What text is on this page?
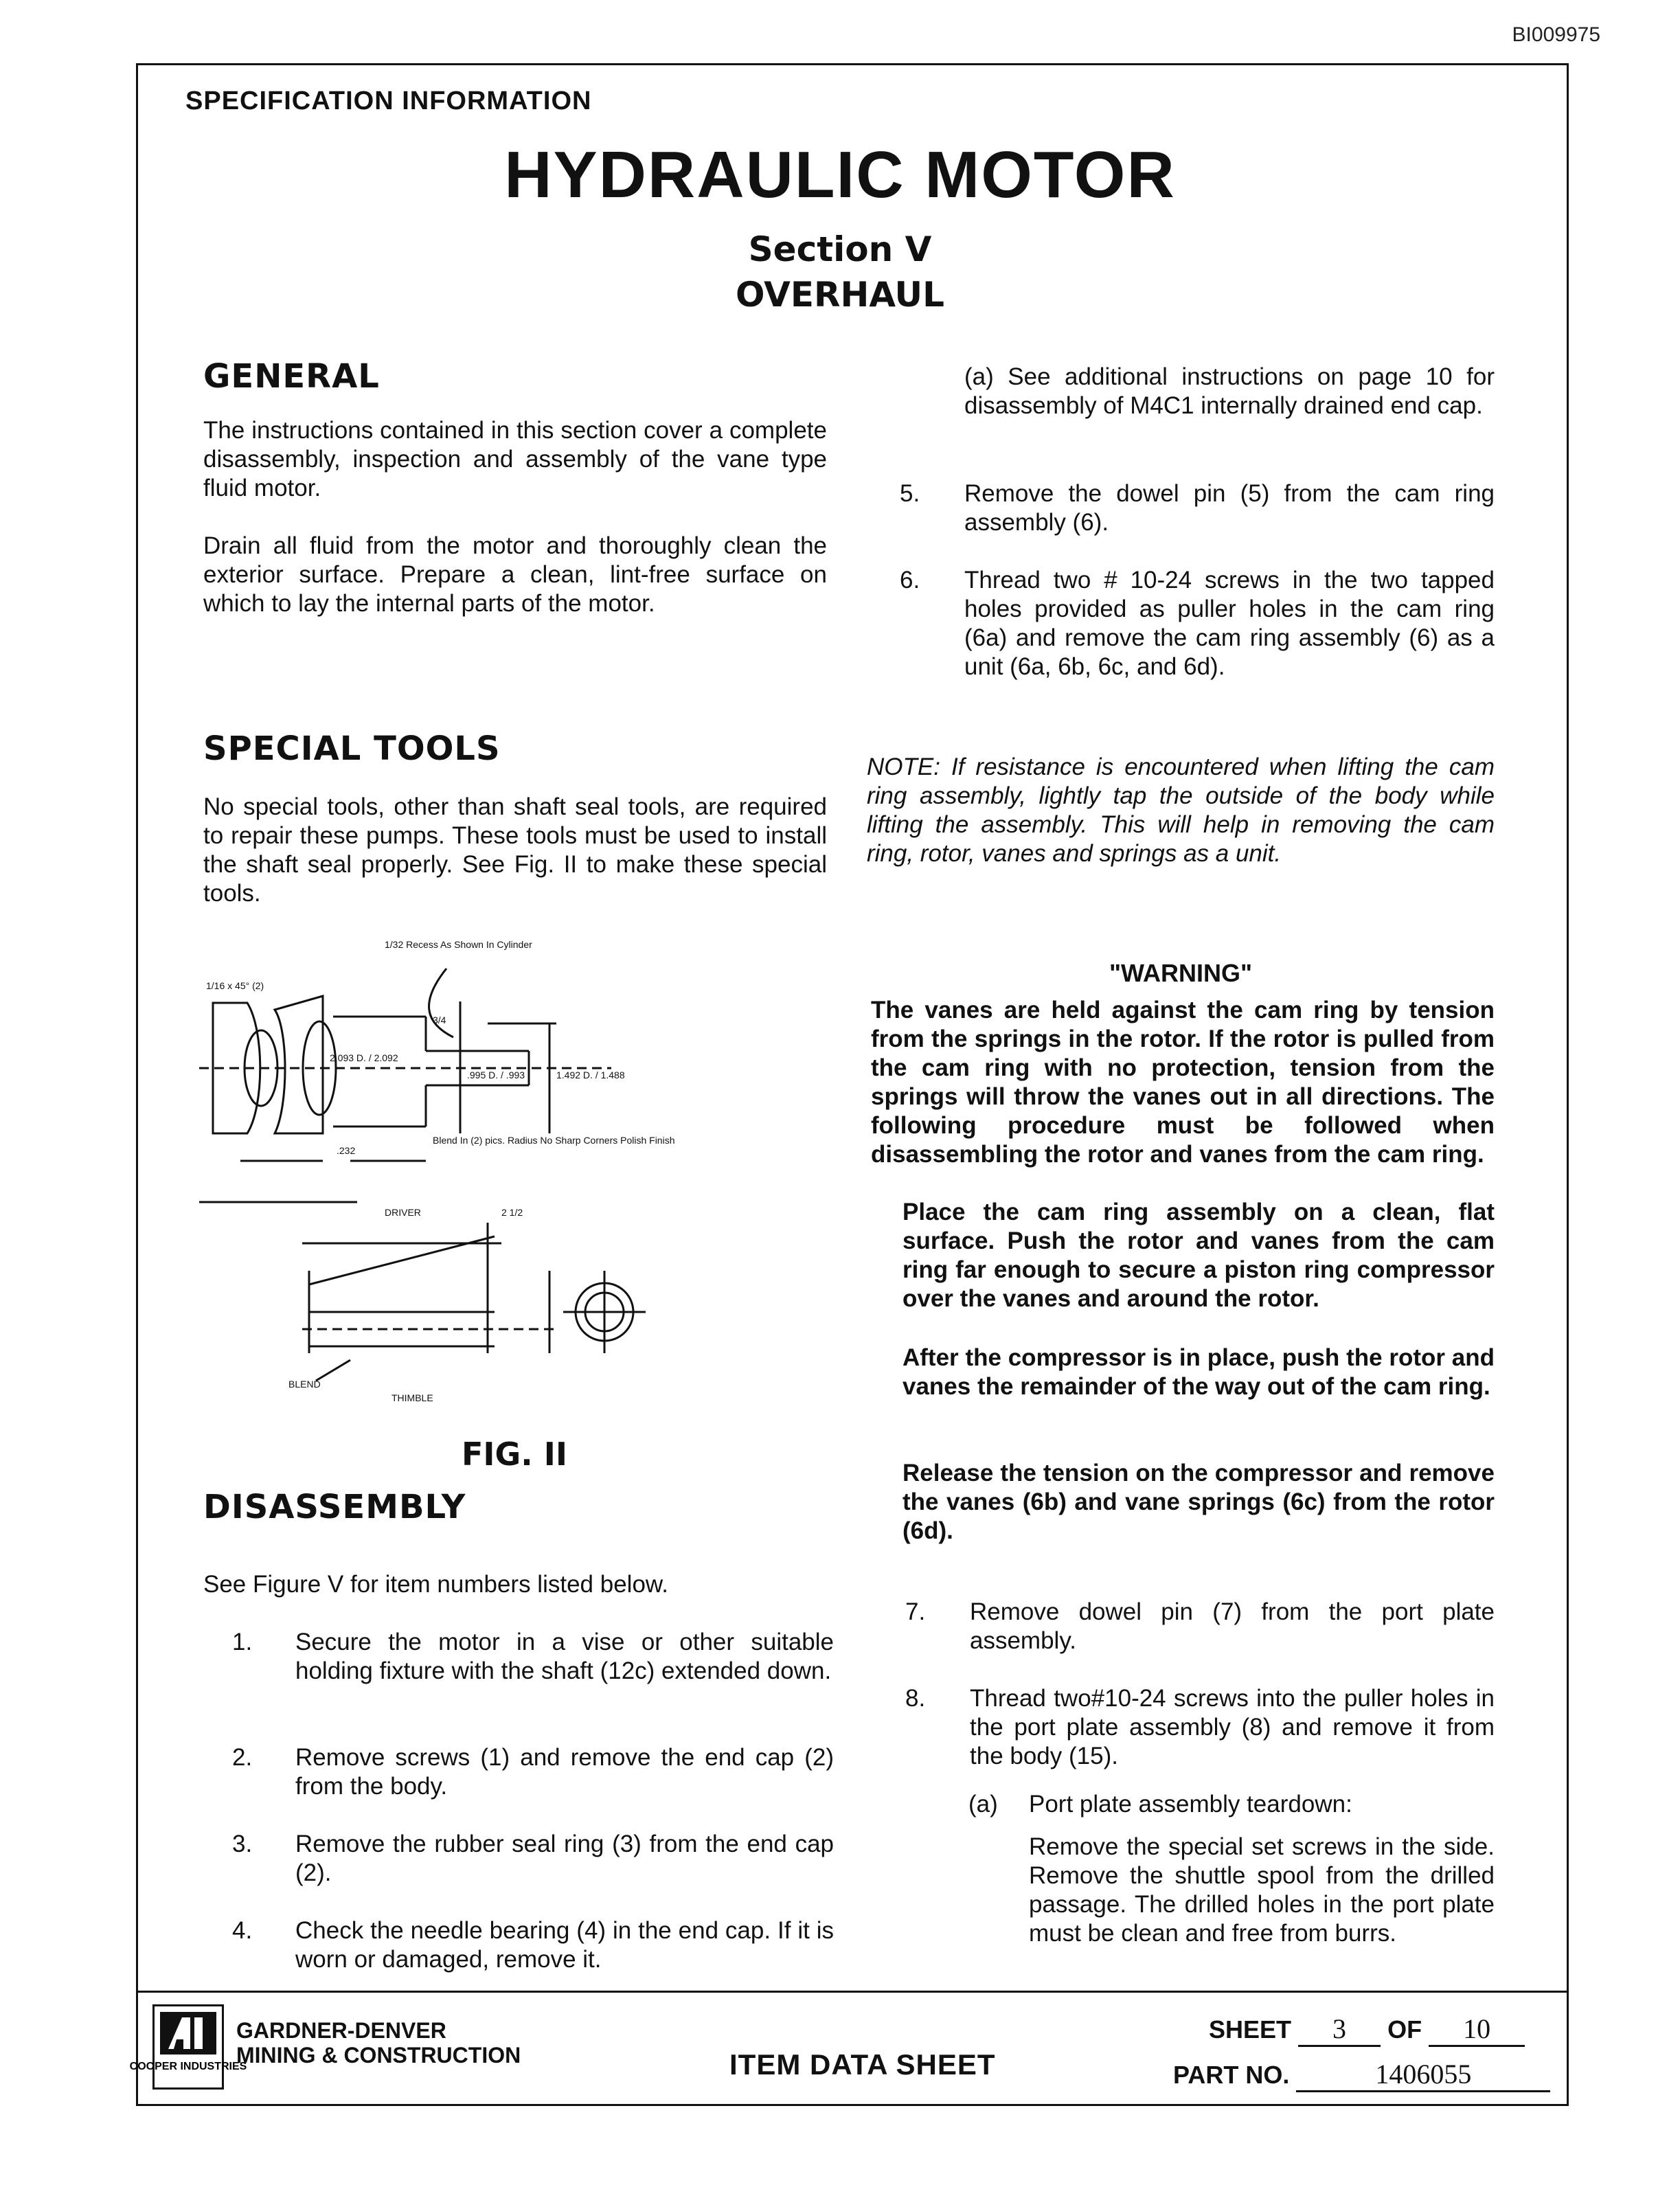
BI009975
SPECIFICATION INFORMATION
HYDRAULIC MOTOR
Section V
OVERHAUL
GENERAL
The instructions contained in this section cover a complete disassembly, inspection and assembly of the vane type fluid motor.
Drain all fluid from the motor and thoroughly clean the exterior surface. Prepare a clean, lint-free surface on which to lay the internal parts of the motor.
SPECIAL TOOLS
No special tools, other than shaft seal tools, are required to repair these pumps. These tools must be used to install the shaft seal properly. See Fig. II to make these special tools.
1/32 Recess As Shown In Cylinder
1/16 x 45° (2)
2.093 D. / 2.092
.995 D. / .993	1.492 D. / 1.488
.232
3/4
Blend In (2) pics. Radius No Sharp Corners Polish Finish
DRIVER	2 1/2
BLEND
THIMBLE
FIG. II
DISASSEMBLY
See Figure V for item numbers listed below.
1. Secure the motor in a vise or other suitable holding fixture with the shaft (12c) extended down.
2. Remove screws (1) and remove the end cap (2) from the body.
3. Remove the rubber seal ring (3) from the end cap (2).
4. Check the needle bearing (4) in the end cap. If it is worn or damaged, remove it.
(a) See additional instructions on page 10 for disassembly of M4C1 internally drained end cap.
5. Remove the dowel pin (5) from the cam ring assembly (6).
6. Thread two # 10-24 screws in the two tapped holes provided as puller holes in the cam ring (6a) and remove the cam ring assembly (6) as a unit (6a, 6b, 6c, and 6d).
NOTE: If resistance is encountered when lifting the cam ring assembly, lightly tap the outside of the body while lifting the assembly. This will help in removing the cam ring, rotor, vanes and springs as a unit.
"WARNING"
The vanes are held against the cam ring by tension from the springs in the rotor. If the rotor is pulled from the cam ring with no protection, tension from the springs will throw the vanes out in all directions. The following procedure must be followed when disassembling the rotor and vanes from the cam ring.
Place the cam ring assembly on a clean, flat surface. Push the rotor and vanes from the cam ring far enough to secure a piston ring compressor over the vanes and around the rotor.
After the compressor is in place, push the rotor and vanes the remainder of the way out of the cam ring.
Release the tension on the compressor and remove the vanes (6b) and vane springs (6c) from the rotor (6d).
7. Remove dowel pin (7) from the port plate assembly.
8. Thread two#10-24 screws into the puller holes in the port plate assembly (8) and remove it from the body (15).
(a) Port plate assembly teardown:
Remove the special set screws in the side. Remove the shuttle spool from the drilled passage. The drilled holes in the port plate must be clean and free from burrs.
COOPER INDUSTRIES
GARDNER-DENVER
MINING & CONSTRUCTION	ITEM DATA SHEET
SHEET 3 OF 10
PART NO.	1406055
